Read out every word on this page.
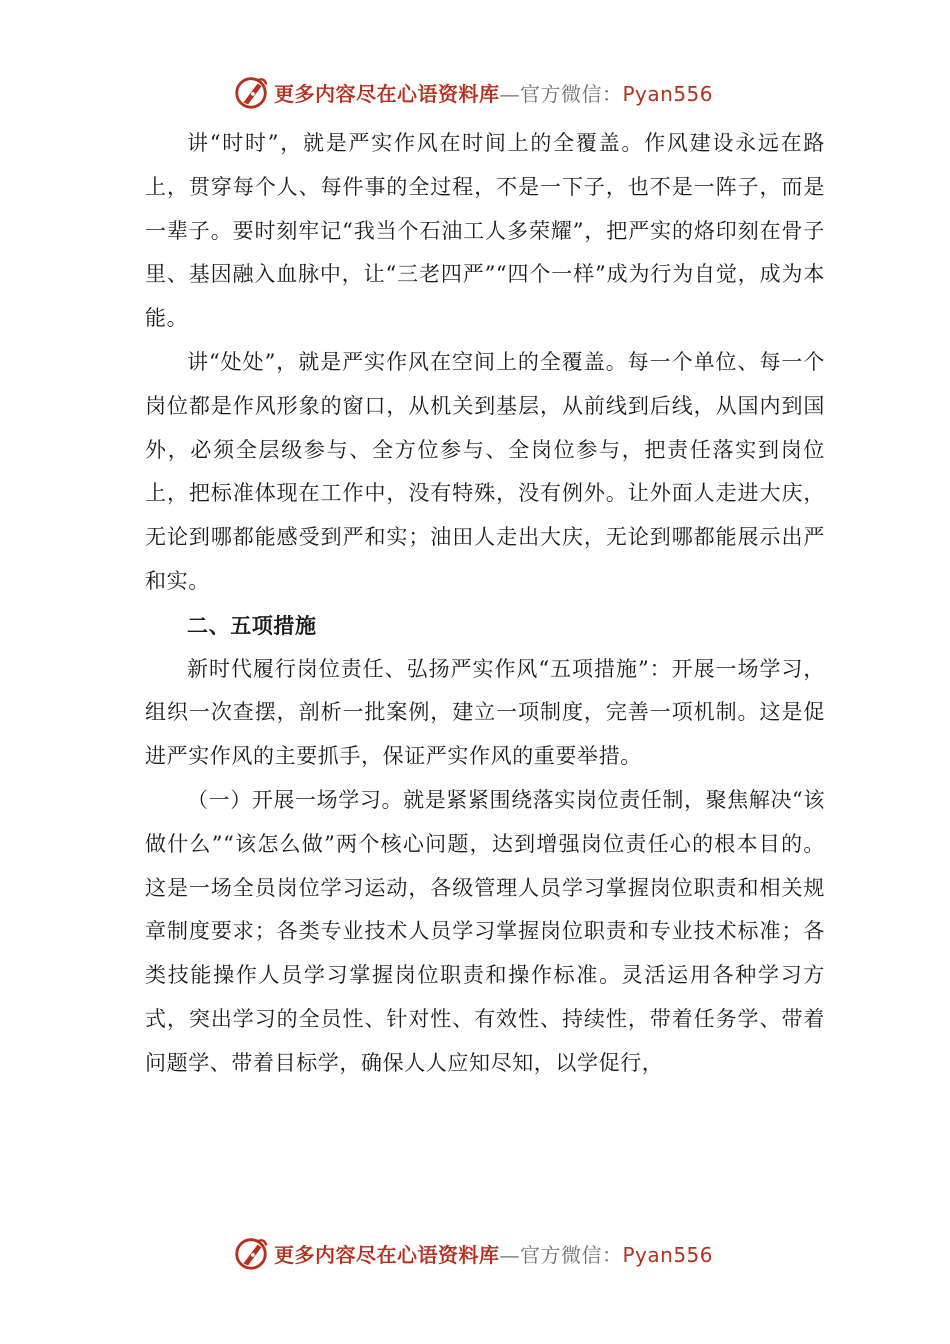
更多内容尽在心语资料库—官方微信：Pyan556

讲“时时”，就是严实作风在时间上的全覆盖。作风建设永远在路上，贯穿每个人、每件事的全过程，不是一下子，也不是一阵子，而是一辈子。要时刻牢记“我当个石油工人多荣耀”，把严实的烙印刻在骨子里、基因融入血脉中，让“三老四严”“四个一样”成为行为自觉，成为本能。

讲“处处”，就是严实作风在空间上的全覆盖。每一个单位、每一个岗位都是作风形象的窗口，从机关到基层，从前线到后线，从国内到国外，必须全层级参与、全方位参与、全岗位参与，把责任落实到岗位上，把标准体现在工作中，没有特殊，没有例外。让外面人走进大庆，无论到哪都能感受到严和实；油田人走出大庆，无论到哪都能展示出严和实。

二、五项措施

新时代履行岗位责任、弘扬严实作风“五项措施”：开展一场学习，组织一次查摆，剖析一批案例，建立一项制度，完善一项机制。这是促进严实作风的主要抓手，保证严实作风的重要举措。

（一）开展一场学习。就是紧紧围绕落实岗位责任制，聚焦解决“该做什么”“该怎么做”两个核心问题，达到增强岗位责任心的根本目的。这是一场全员岗位学习运动，各级管理人员学习掌握岗位职责和相关规章制度要求；各类专业技术人员学习掌握岗位职责和专业技术标准；各类技能操作人员学习掌握岗位职责和操作标准。灵活运用各种学习方式，突出学习的全员性、针对性、有效性、持续性，带着任务学、带着问题学、带着目标学，确保人人应知尽知，以学促行，

更多内容尽在心语资料库—官方微信：Pyan556
